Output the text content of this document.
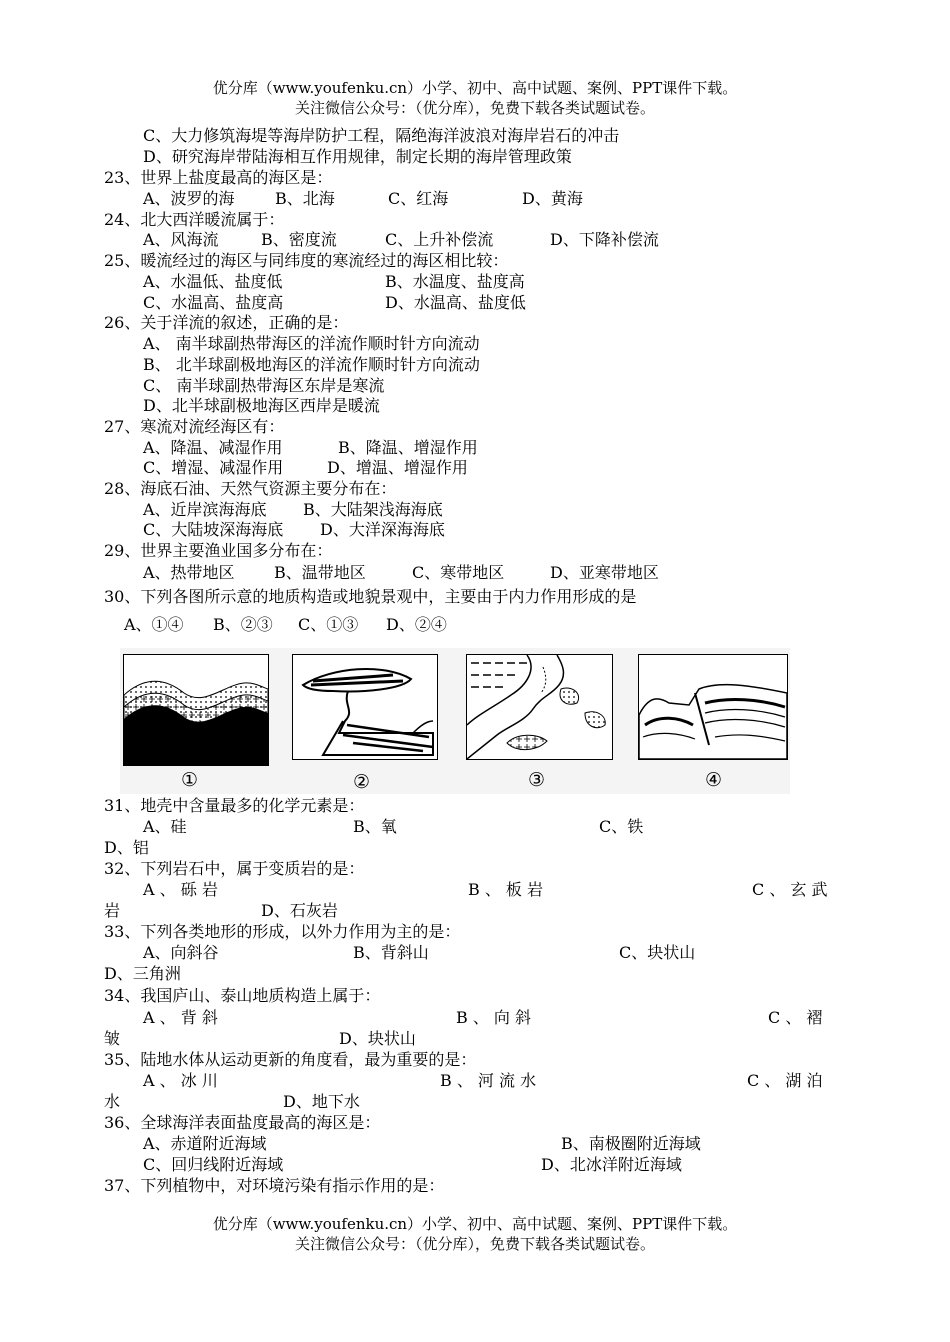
优分库（www.youfenku.cn）小学、初中、高中试题、案例、PPT课件下载。
关注微信公众号：（优分库），免费下载各类试题试卷。
C、大力修筑海堤等海岸防护工程，隔绝海洋波浪对海岸岩石的冲击
D、研究海岸带陆海相互作用规律，制定长期的海岸管理政策
23、世界上盐度最高的海区是：
A、波罗的海	B、北海	C、红海	D、黄海
24、北大西洋暖流属于：
A、风海流	B、密度流	C、上升补偿流	D、下降补偿流
25、暖流经过的海区与同纬度的寒流经过的海区相比较：
A、水温低、盐度低	B、水温度、盐度高
C、水温高、盐度高	D、水温高、盐度低
26、关于洋流的叙述，正确的是：
A、 南半球副热带海区的洋流作顺时针方向流动
B、 北半球副极地海区的洋流作顺时针方向流动
C、 南半球副热带海区东岸是寒流
D、北半球副极地海区西岸是暖流
27、寒流对流经海区有：
A、降温、减湿作用	B、降温、增湿作用
C、增湿、减湿作用	D、增温、增湿作用
28、海底石油、天然气资源主要分布在：
A、近岸滨海海底 B、大陆架浅海海底
C、大陆坡深海海底 D、大洋深海海底
29、世界主要渔业国多分布在：
A、热带地区 B、温带地区	C、寒带地区	D、亚寒带地区
30、下列各图所示意的地质构造或地貌景观中，主要由于内力作用形成的是
A、①④ B、②③ C、①③ D、②④
①	②	③	④
31、地壳中含量最多的化学元素是：
A、硅	B、氧	C、铁
D、铝
32、下列岩石中，属于变质岩的是：
A 、 砾 岩	B 、 板 岩	C 、 玄 武
岩	D、石灰岩
33、下列各类地形的形成，以外力作用为主的是：
A、向斜谷	B、背斜山	C、块状山
D、三角洲
34、我国庐山、泰山地质构造上属于：
A 、 背 斜	B 、 向 斜	C 、 褶
皱	D、块状山
35、陆地水体从运动更新的角度看，最为重要的是：
A 、 冰 川	B 、 河 流 水	C 、 湖 泊
水	D、地下水
36、全球海洋表面盐度最高的海区是：
A、赤道附近海域	B、南极圈附近海域
C、回归线附近海域	D、北冰洋附近海域
37、下列植物中，对环境污染有指示作用的是：
优分库（www.youfenku.cn）小学、初中、高中试题、案例、PPT课件下载。
关注微信公众号：（优分库），免费下载各类试题试卷。
